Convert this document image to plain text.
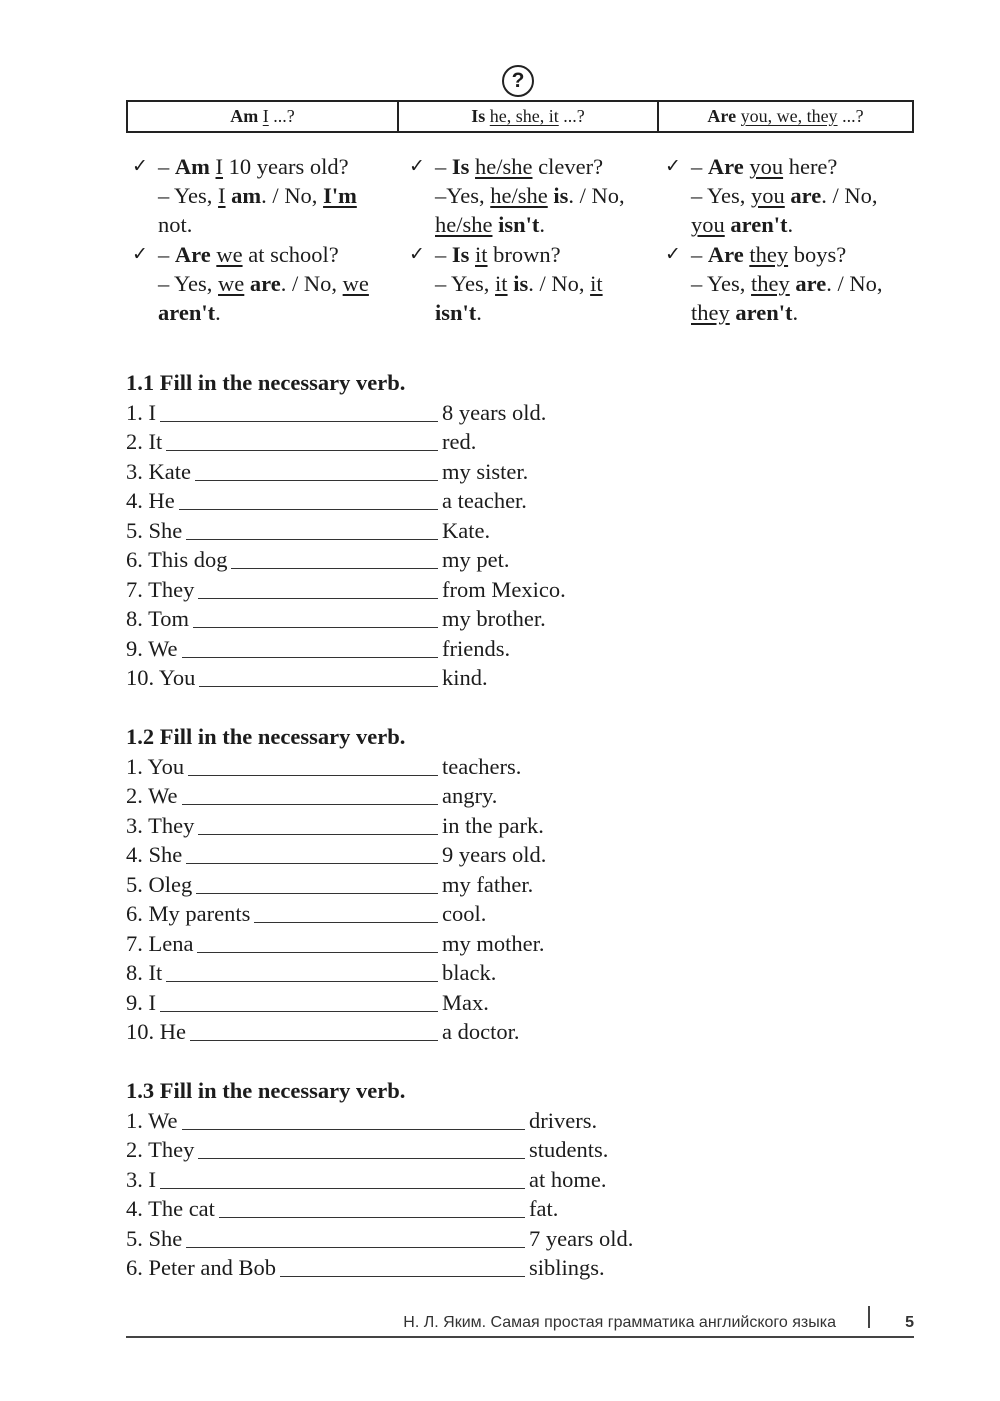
?
Am I ...?	Is he, she, it ...?	Are you, we, they ...?
✓ – Am I 10 years old?
– Yes, I am. / No, I'm not.
✓ – Are we at school?
– Yes, we are. / No, we aren't.
✓ – Is he/she clever?
–Yes, he/she is. / No, he/she isn't.
✓ – Is it brown?
– Yes, it is. / No, it isn't.
✓ – Are you here?
– Yes, you are. / No, you aren't.
✓ – Are they boys?
– Yes, they are. / No, they aren't.
1.1 Fill in the necessary verb.
1. I	8 years old.
2. It	red.
3. Kate	my sister.
4. He	a teacher.
5. She	Kate.
6. This dog	my pet.
7. They	from Mexico.
8. Tom	my brother.
9. We	friends.
10. You	kind.
1.2 Fill in the necessary verb.
1. You	teachers.
2. We	angry.
3. They	in the park.
4. She	9 years old.
5. Oleg	my father.
6. My parents	cool.
7. Lena	my mother.
8. It	black.
9. I	Max.
10. He	a doctor.
1.3 Fill in the necessary verb.
1. We	drivers.
2. They	students.
3. I	at home.
4. The cat	fat.
5. She	7 years old.
6. Peter and Bob	siblings.
Н. Л. Яким. Самая простая грамматика английского языка	5
